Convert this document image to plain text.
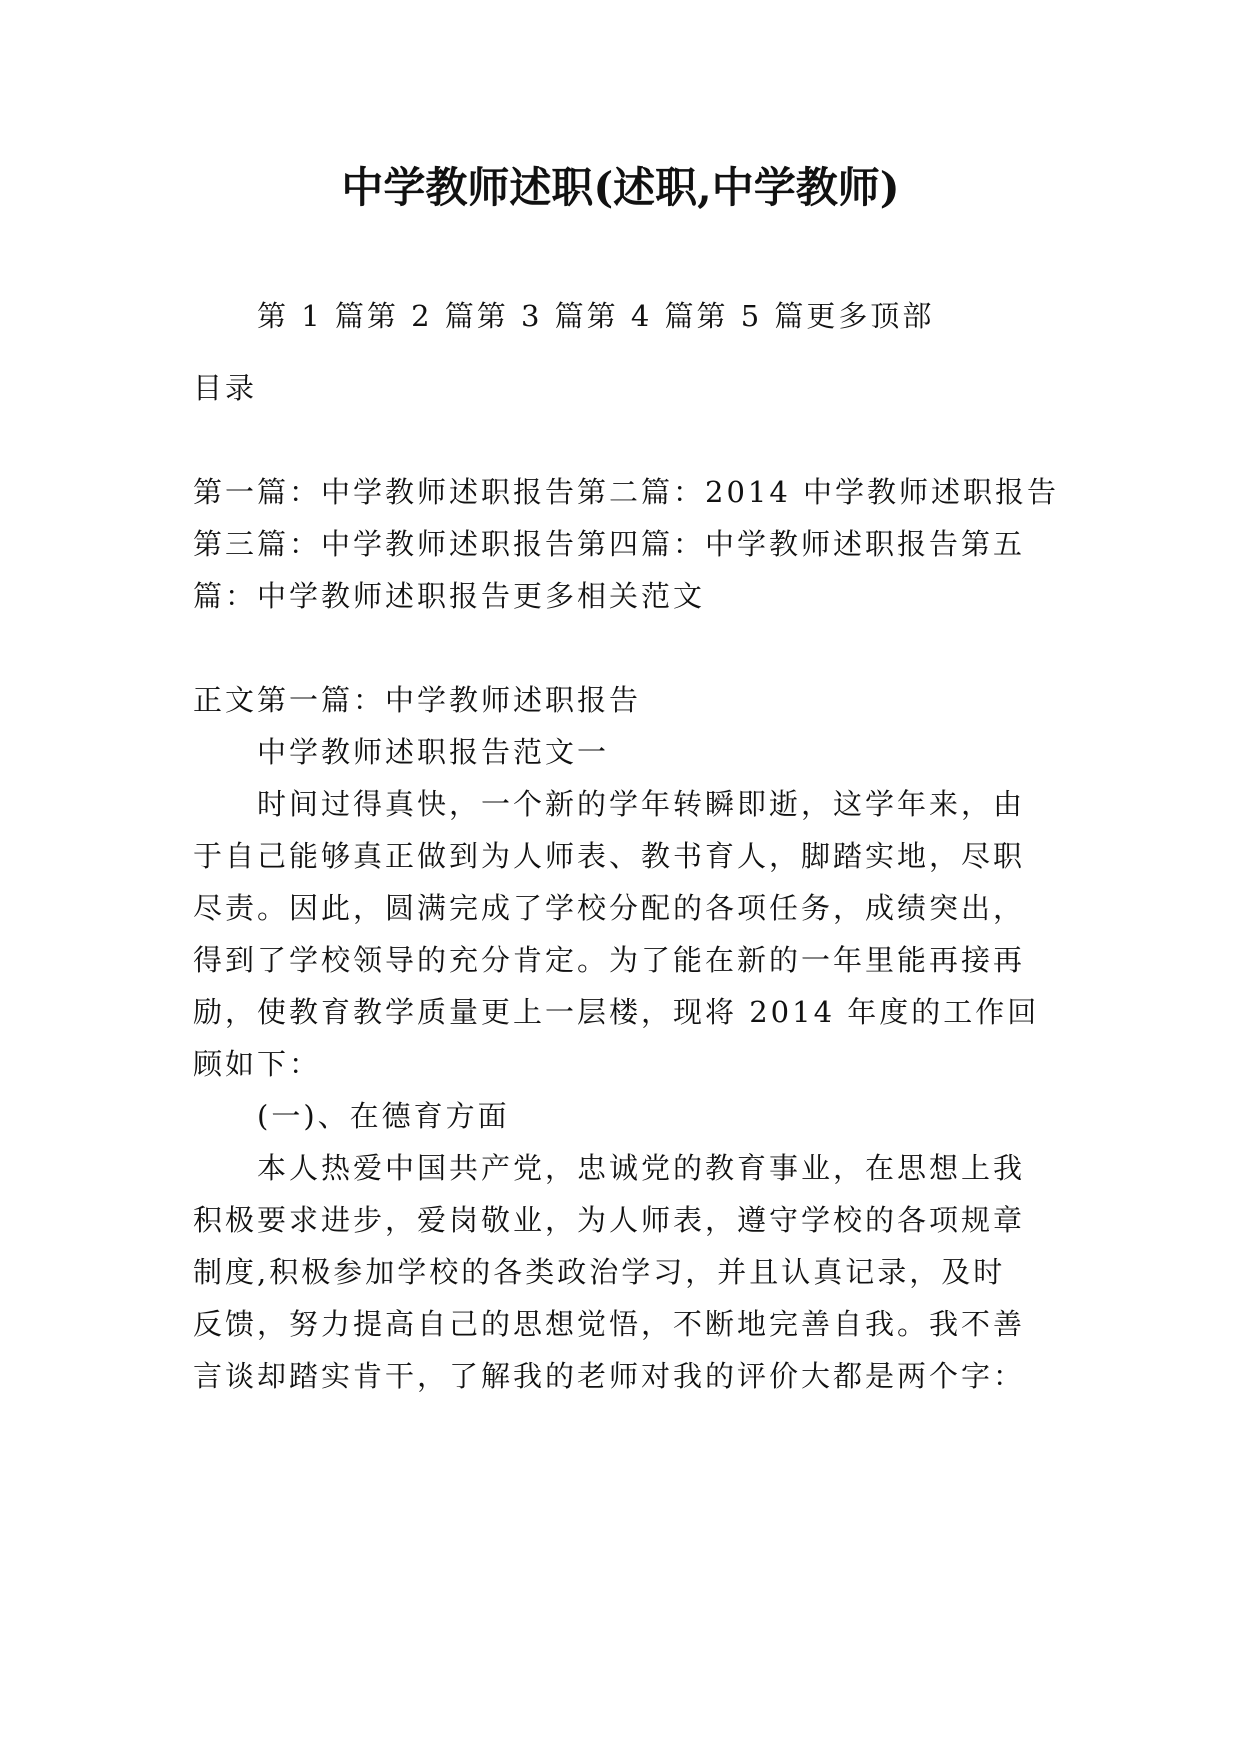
中学教师述职(述职,中学教师)
第 1 篇第 2 篇第 3 篇第 4 篇第 5 篇更多顶部
目录
第一篇：中学教师述职报告第二篇：2014 中学教师述职报告
第三篇：中学教师述职报告第四篇：中学教师述职报告第五
篇：中学教师述职报告更多相关范文
正文第一篇：中学教师述职报告
中学教师述职报告范文一
时间过得真快，一个新的学年转瞬即逝，这学年来，由
于自己能够真正做到为人师表、教书育人，脚踏实地，尽职
尽责。因此，圆满完成了学校分配的各项任务，成绩突出，
得到了学校领导的充分肯定。为了能在新的一年里能再接再
励，使教育教学质量更上一层楼，现将 2014 年度的工作回
顾如下：
(一)、在德育方面
本人热爱中国共产党，忠诚党的教育事业，在思想上我
积极要求进步，爱岗敬业，为人师表，遵守学校的各项规章
制度,积极参加学校的各类政治学习，并且认真记录，及时
反馈，努力提高自己的思想觉悟，不断地完善自我。我不善
言谈却踏实肯干，了解我的老师对我的评价大都是两个字：
